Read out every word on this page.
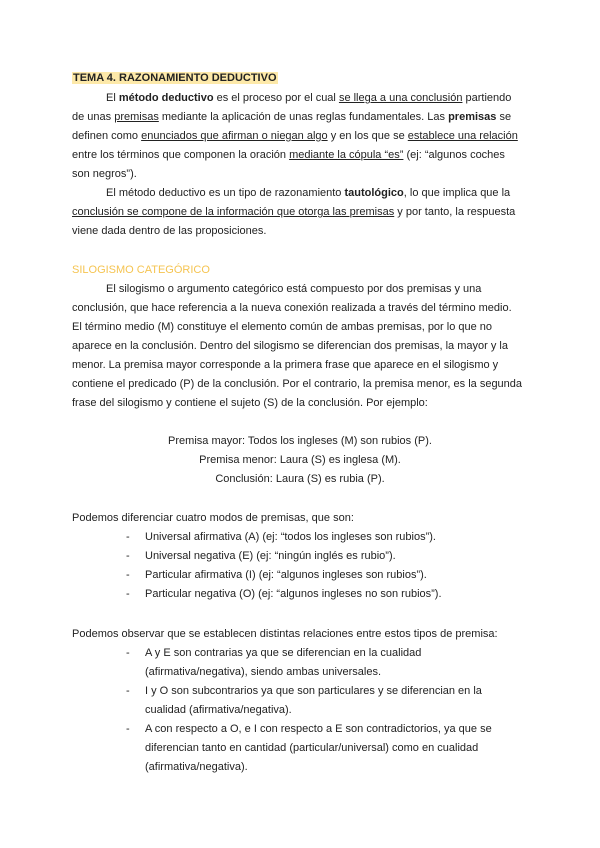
TEMA 4. RAZONAMIENTO DEDUCTIVO
El método deductivo es el proceso por el cual se llega a una conclusión partiendo
de unas premisas mediante la aplicación de unas reglas fundamentales. Las premisas se
definen como enunciados que afirman o niegan algo y en los que se establece una relación
entre los términos que componen la oración mediante la cópula “es” (ej: “algunos coches
son negros”).
El método deductivo es un tipo de razonamiento tautológico, lo que implica que la
conclusión se compone de la información que otorga las premisas y por tanto, la respuesta
viene dada dentro de las proposiciones.
SILOGISMO CATEGÓRICO
El silogismo o argumento categórico está compuesto por dos premisas y una
conclusión, que hace referencia a la nueva conexión realizada a través del término medio.
El término medio (M) constituye el elemento común de ambas premisas, por lo que no
aparece en la conclusión. Dentro del silogismo se diferencian dos premisas, la mayor y la
menor. La premisa mayor corresponde a la primera frase que aparece en el silogismo y
contiene el predicado (P) de la conclusión. Por el contrario, la premisa menor, es la segunda
frase del silogismo y contiene el sujeto (S) de la conclusión. Por ejemplo:
Premisa mayor: Todos los ingleses (M) son rubios (P).
Premisa menor: Laura (S) es inglesa (M).
Conclusión: Laura (S) es rubia (P).
Podemos diferenciar cuatro modos de premisas, que son:
- Universal afirmativa (A) (ej: “todos los ingleses son rubios”).
- Universal negativa (E) (ej: “ningún inglés es rubio”).
- Particular afirmativa (I) (ej: “algunos ingleses son rubios”).
- Particular negativa (O) (ej: “algunos ingleses no son rubios”).
Podemos observar que se establecen distintas relaciones entre estos tipos de premisa:
- A y E son contrarias ya que se diferencian en la cualidad
(afirmativa/negativa), siendo ambas universales.
- I y O son subcontrarios ya que son particulares y se diferencian en la
cualidad (afirmativa/negativa).
- A con respecto a O, e I con respecto a E son contradictorios, ya que se
diferencian tanto en cantidad (particular/universal) como en cualidad
(afirmativa/negativa).
